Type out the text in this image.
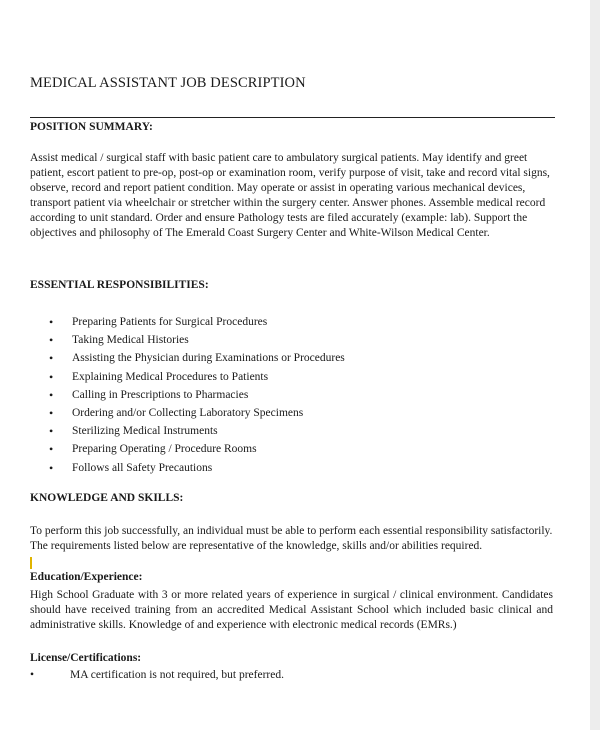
MEDICAL ASSISTANT JOB DESCRIPTION
POSITION SUMMARY:
Assist medical / surgical staff with basic patient care to ambulatory surgical patients. May identify and greet
patient, escort patient to pre-op, post-op or examination room, verify purpose of visit, take and record vital signs,
observe, record and report patient condition. May operate or assist in operating various mechanical devices,
transport patient via wheelchair or stretcher within the surgery center. Answer phones. Assemble medical record
according to unit standard. Order and ensure Pathology tests are filed accurately (example: lab). Support the
objectives and philosophy of The Emerald Coast Surgery Center and White-Wilson Medical Center.
ESSENTIAL RESPONSIBILITIES:
• Preparing Patients for Surgical Procedures
• Taking Medical Histories
• Assisting the Physician during Examinations or Procedures
• Explaining Medical Procedures to Patients
• Calling in Prescriptions to Pharmacies
• Ordering and/or Collecting Laboratory Specimens
• Sterilizing Medical Instruments
• Preparing Operating / Procedure Rooms
• Follows all Safety Precautions
KNOWLEDGE AND SKILLS:
To perform this job successfully, an individual must be able to perform each essential responsibility satisfactorily.
The requirements listed below are representative of the knowledge, skills and/or abilities required.
Education/Experience:
High School Graduate with 3 or more related years of experience in surgical / clinical environment. Candidates
should have received training from an accredited Medical Assistant School which included basic clinical and
administrative skills. Knowledge of and experience with electronic medical records (EMRs.)
License/Certifications:
•	MA certification is not required, but preferred.
